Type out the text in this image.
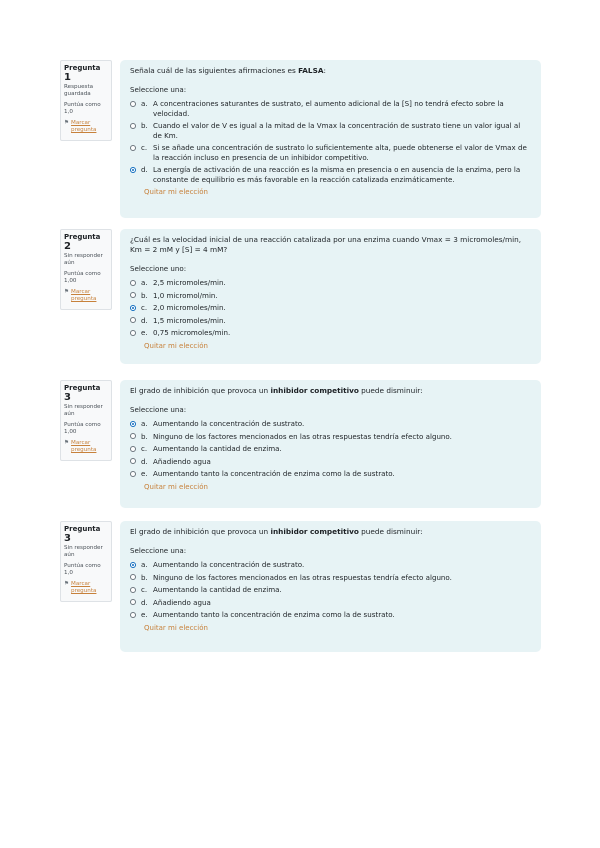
Pregunta 1
Respuesta guardada
Puntúa como 1,0
⚑ Marcar pregunta
Señala cuál de las siguientes afirmaciones es FALSA:
Seleccione una:
a. A concentraciones saturantes de sustrato, el aumento adicional de la [S] no tendrá efecto sobre la velocidad.
b. Cuando el valor de V es igual a la mitad de la Vmax la concentración de sustrato tiene un valor igual al de Km.
c. Si se añade una concentración de sustrato lo suficientemente alta, puede obtenerse el valor de Vmax de la reacción incluso en presencia de un inhibidor competitivo.
d. La energía de activación de una reacción es la misma en presencia o en ausencia de la enzima, pero la constante de equilibrio es más favorable en la reacción catalizada enzimáticamente.
Quitar mi elección
Pregunta 2
Sin responder aún
Puntúa como 1,00
⚑ Marcar pregunta
¿Cuál es la velocidad inicial de una reacción catalizada por una enzima cuando Vmax = 3 micromoles/min, Km = 2 mM y [S] = 4 mM?
Seleccione uno:
a. 2,5 micromoles/min.
b. 1,0 micromol/min.
c. 2,0 micromoles/min.
d. 1,5 micromoles/min.
e. 0,75 micromoles/min.
Quitar mi elección
Pregunta 3
Sin responder aún
Puntúa como 1,00
⚑ Marcar pregunta
El grado de inhibición que provoca un inhibidor competitivo puede disminuir:
Seleccione una:
a. Aumentando la concentración de sustrato.
b. Ninguno de los factores mencionados en las otras respuestas tendría efecto alguno.
c. Aumentando la cantidad de enzima.
d. Añadiendo agua
e. Aumentando tanto la concentración de enzima como la de sustrato.
Quitar mi elección
Pregunta 3
Sin responder aún
Puntúa como 1,0
⚑ Marcar pregunta
El grado de inhibición que provoca un inhibidor competitivo puede disminuir:
Seleccione una:
a. Aumentando la concentración de sustrato.
b. Ninguno de los factores mencionados en las otras respuestas tendría efecto alguno.
c. Aumentando la cantidad de enzima.
d. Añadiendo agua
e. Aumentando tanto la concentración de enzima como la de sustrato.
Quitar mi elección
